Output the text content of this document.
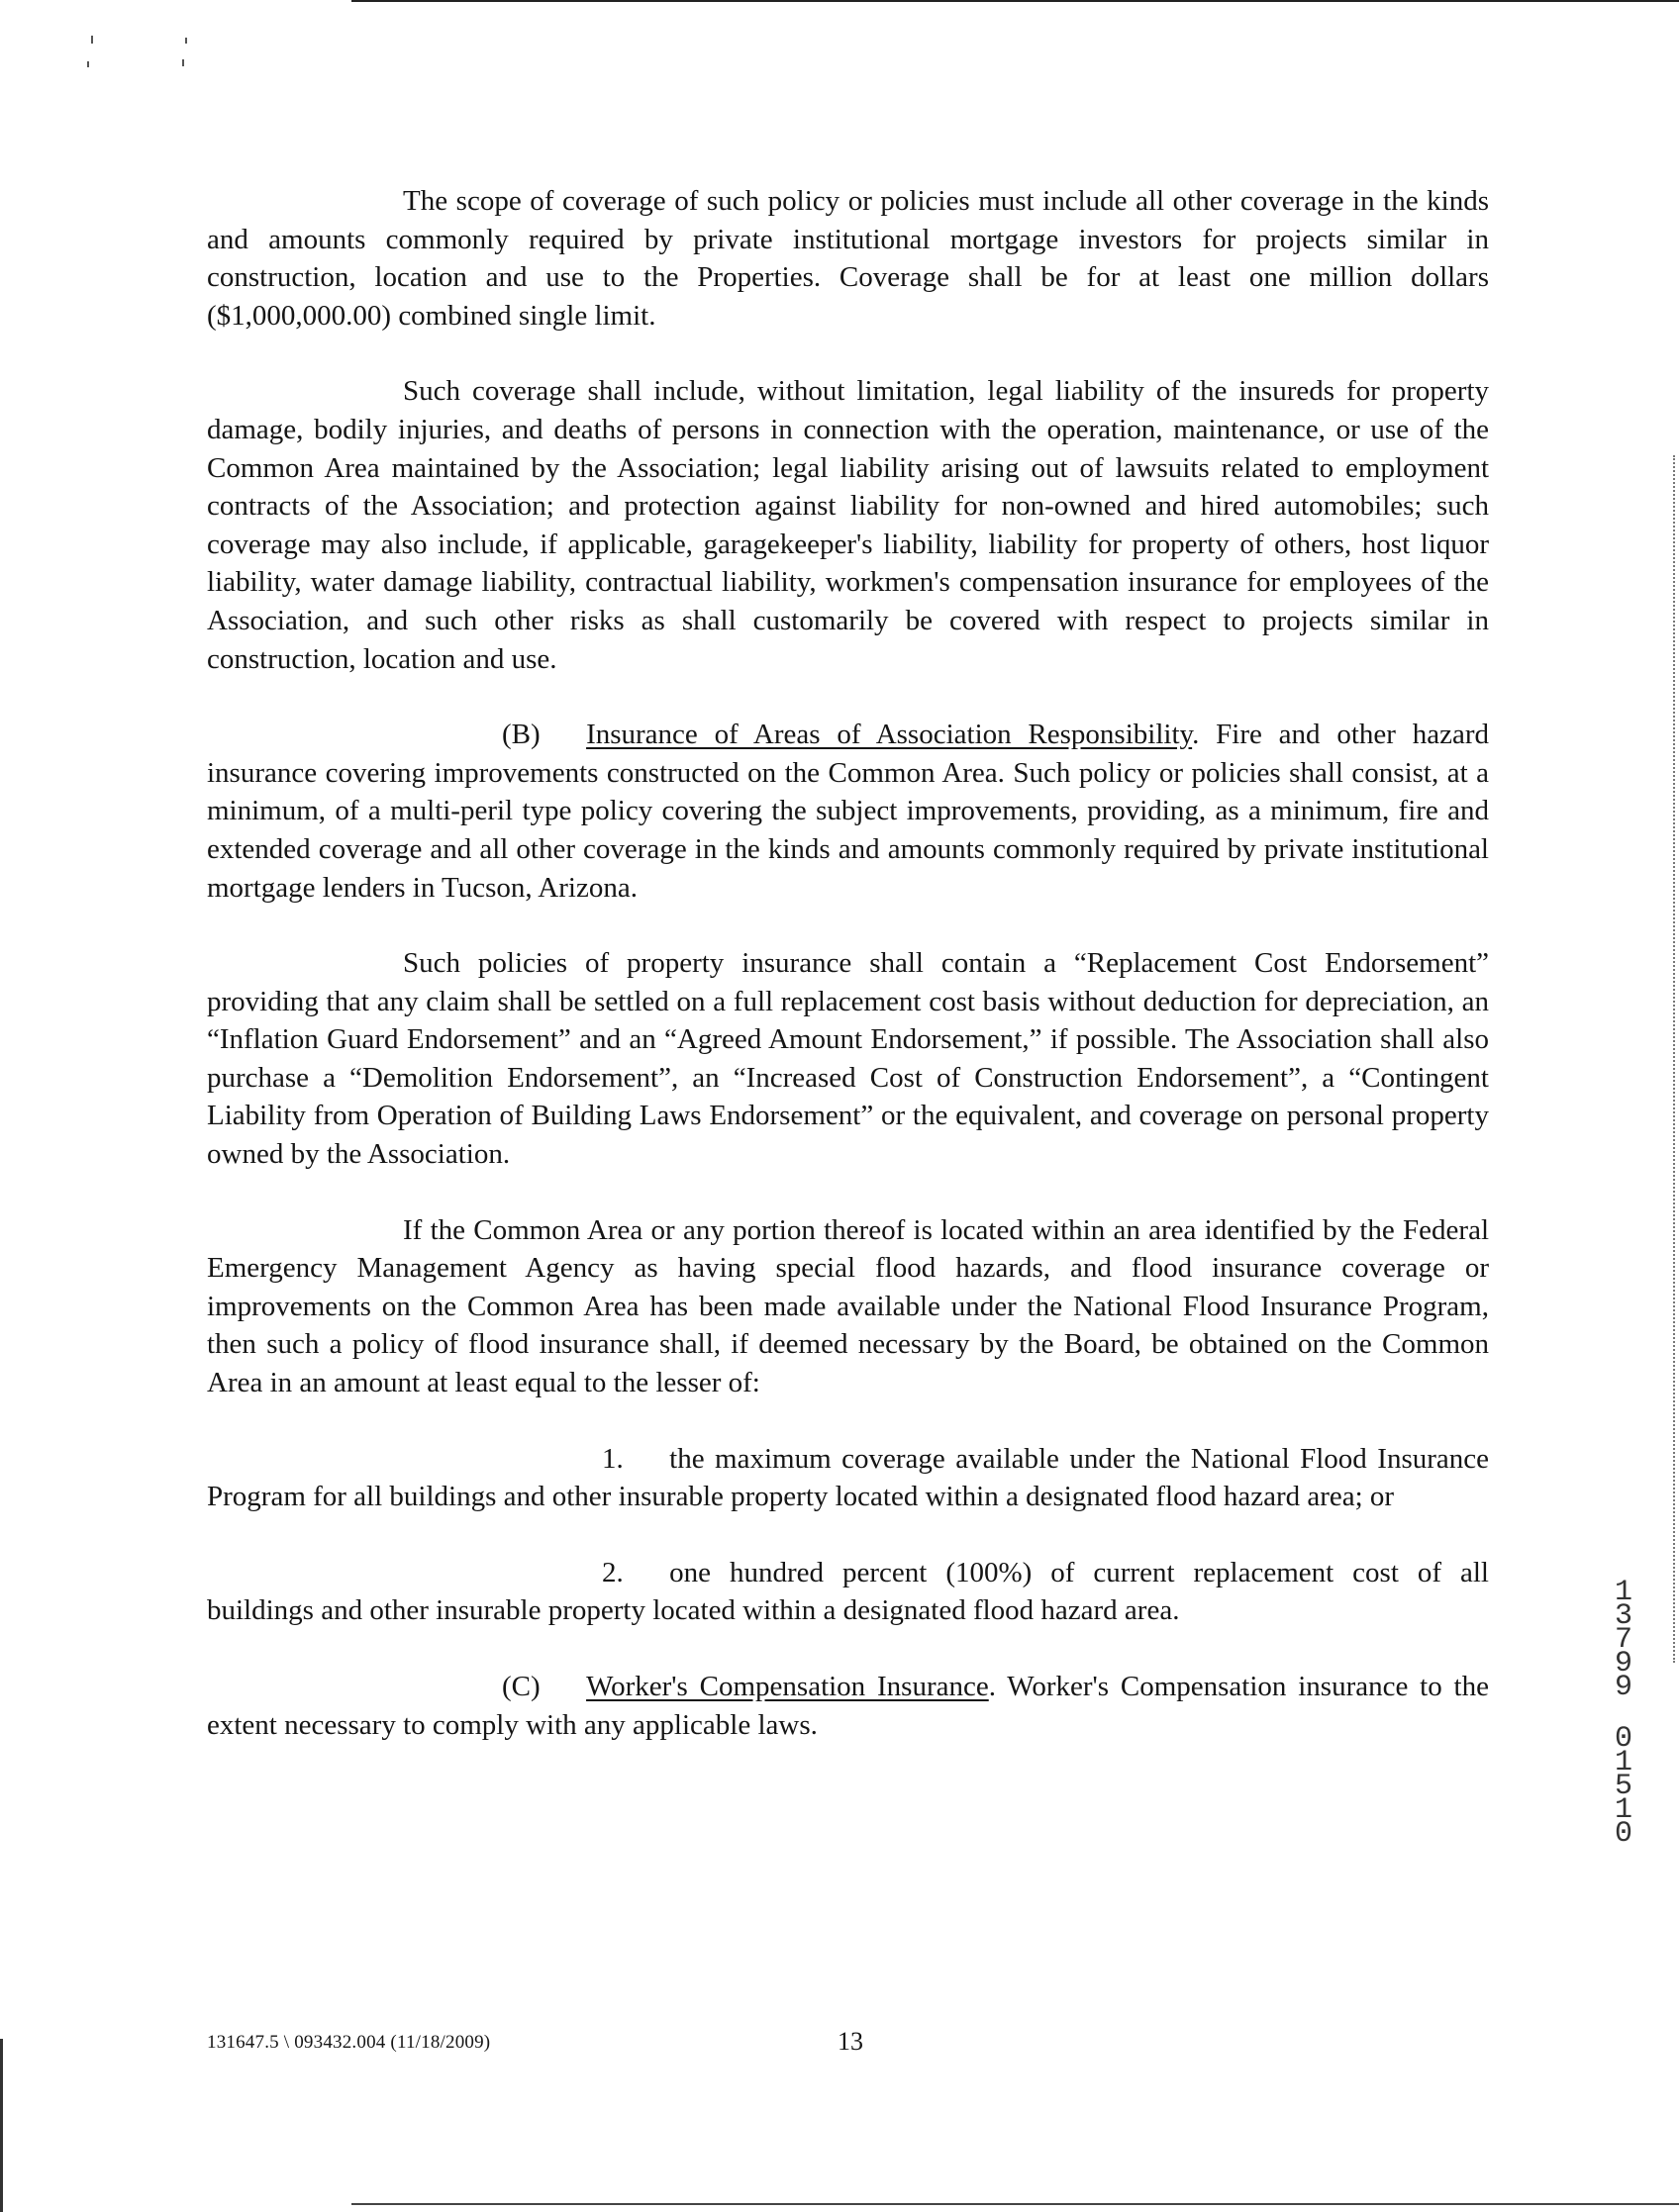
The scope of coverage of such policy or policies must include all other coverage in the kinds and amounts commonly required by private institutional mortgage investors for projects similar in construction, location and use to the Properties. Coverage shall be for at least one million dollars ($1,000,000.00) combined single limit.

Such coverage shall include, without limitation, legal liability of the insureds for property damage, bodily injuries, and deaths of persons in connection with the operation, maintenance, or use of the Common Area maintained by the Association; legal liability arising out of lawsuits related to employment contracts of the Association; and protection against liability for non-owned and hired automobiles; such coverage may also include, if applicable, garagekeeper's liability, liability for property of others, host liquor liability, water damage liability, contractual liability, workmen's compensation insurance for employees of the Association, and such other risks as shall customarily be covered with respect to projects similar in construction, location and use.

(B) Insurance of Areas of Association Responsibility. Fire and other hazard insurance covering improvements constructed on the Common Area. Such policy or policies shall consist, at a minimum, of a multi-peril type policy covering the subject improvements, providing, as a minimum, fire and extended coverage and all other coverage in the kinds and amounts commonly required by private institutional mortgage lenders in Tucson, Arizona.

Such policies of property insurance shall contain a “Replacement Cost Endorsement” providing that any claim shall be settled on a full replacement cost basis without deduction for depreciation, an “Inflation Guard Endorsement” and an “Agreed Amount Endorsement,” if possible. The Association shall also purchase a “Demolition Endorsement”, an “Increased Cost of Construction Endorsement”, a “Contingent Liability from Operation of Building Laws Endorsement” or the equivalent, and coverage on personal property owned by the Association.

If the Common Area or any portion thereof is located within an area identified by the Federal Emergency Management Agency as having special flood hazards, and flood insurance coverage or improvements on the Common Area has been made available under the National Flood Insurance Program, then such a policy of flood insurance shall, if deemed necessary by the Board, be obtained on the Common Area in an amount at least equal to the lesser of:

1. the maximum coverage available under the National Flood Insurance Program for all buildings and other insurable property located within a designated flood hazard area; or

2. one hundred percent (100%) of current replacement cost of all buildings and other insurable property located within a designated flood hazard area.

(C) Worker's Compensation Insurance. Worker's Compensation insurance to the extent necessary to comply with any applicable laws.

1
3
7
9
9
0
1
5
1
0
131647.5 \ 093432.004 (11/18/2009)	13
